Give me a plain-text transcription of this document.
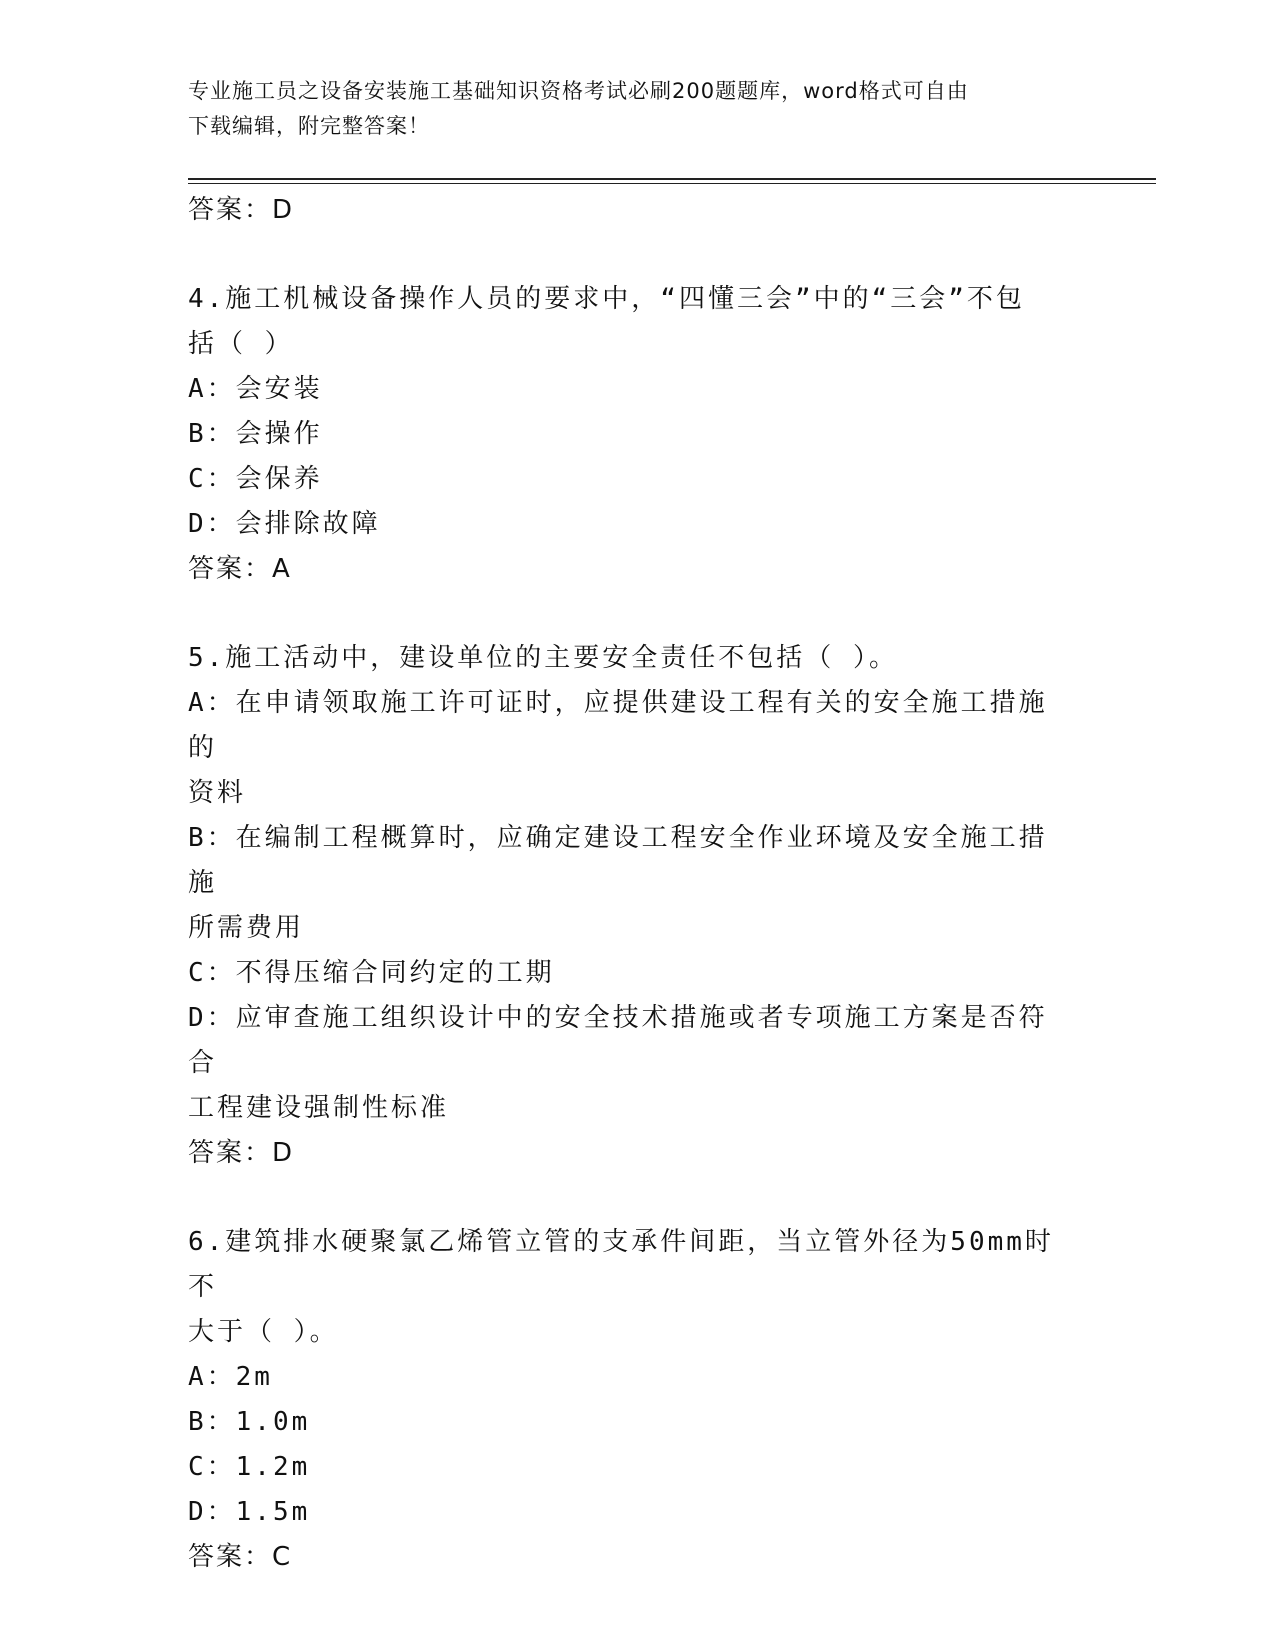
专业施工员之设备安装施工基础知识资格考试必刷200题题库，word格式可自由
下载编辑，附完整答案！
答案：D
4.施工机械设备操作人员的要求中，“四懂三会”中的“三会”不包
括（ ）
A：会安装
B：会操作
C：会保养
D：会排除故障
答案：A
5.施工活动中，建设单位的主要安全责任不包括（ ）。
A：在申请领取施工许可证时，应提供建设工程有关的安全施工措施的
资料
B：在编制工程概算时，应确定建设工程安全作业环境及安全施工措施
所需费用
C：不得压缩合同约定的工期
D：应审查施工组织设计中的安全技术措施或者专项施工方案是否符合
工程建设强制性标准
答案：D
6.建筑排水硬聚氯乙烯管立管的支承件间距，当立管外径为50mm时不
大于（ ）。
A：2m
B：1.0m
C：1.2m
D：1.5m
答案：C
